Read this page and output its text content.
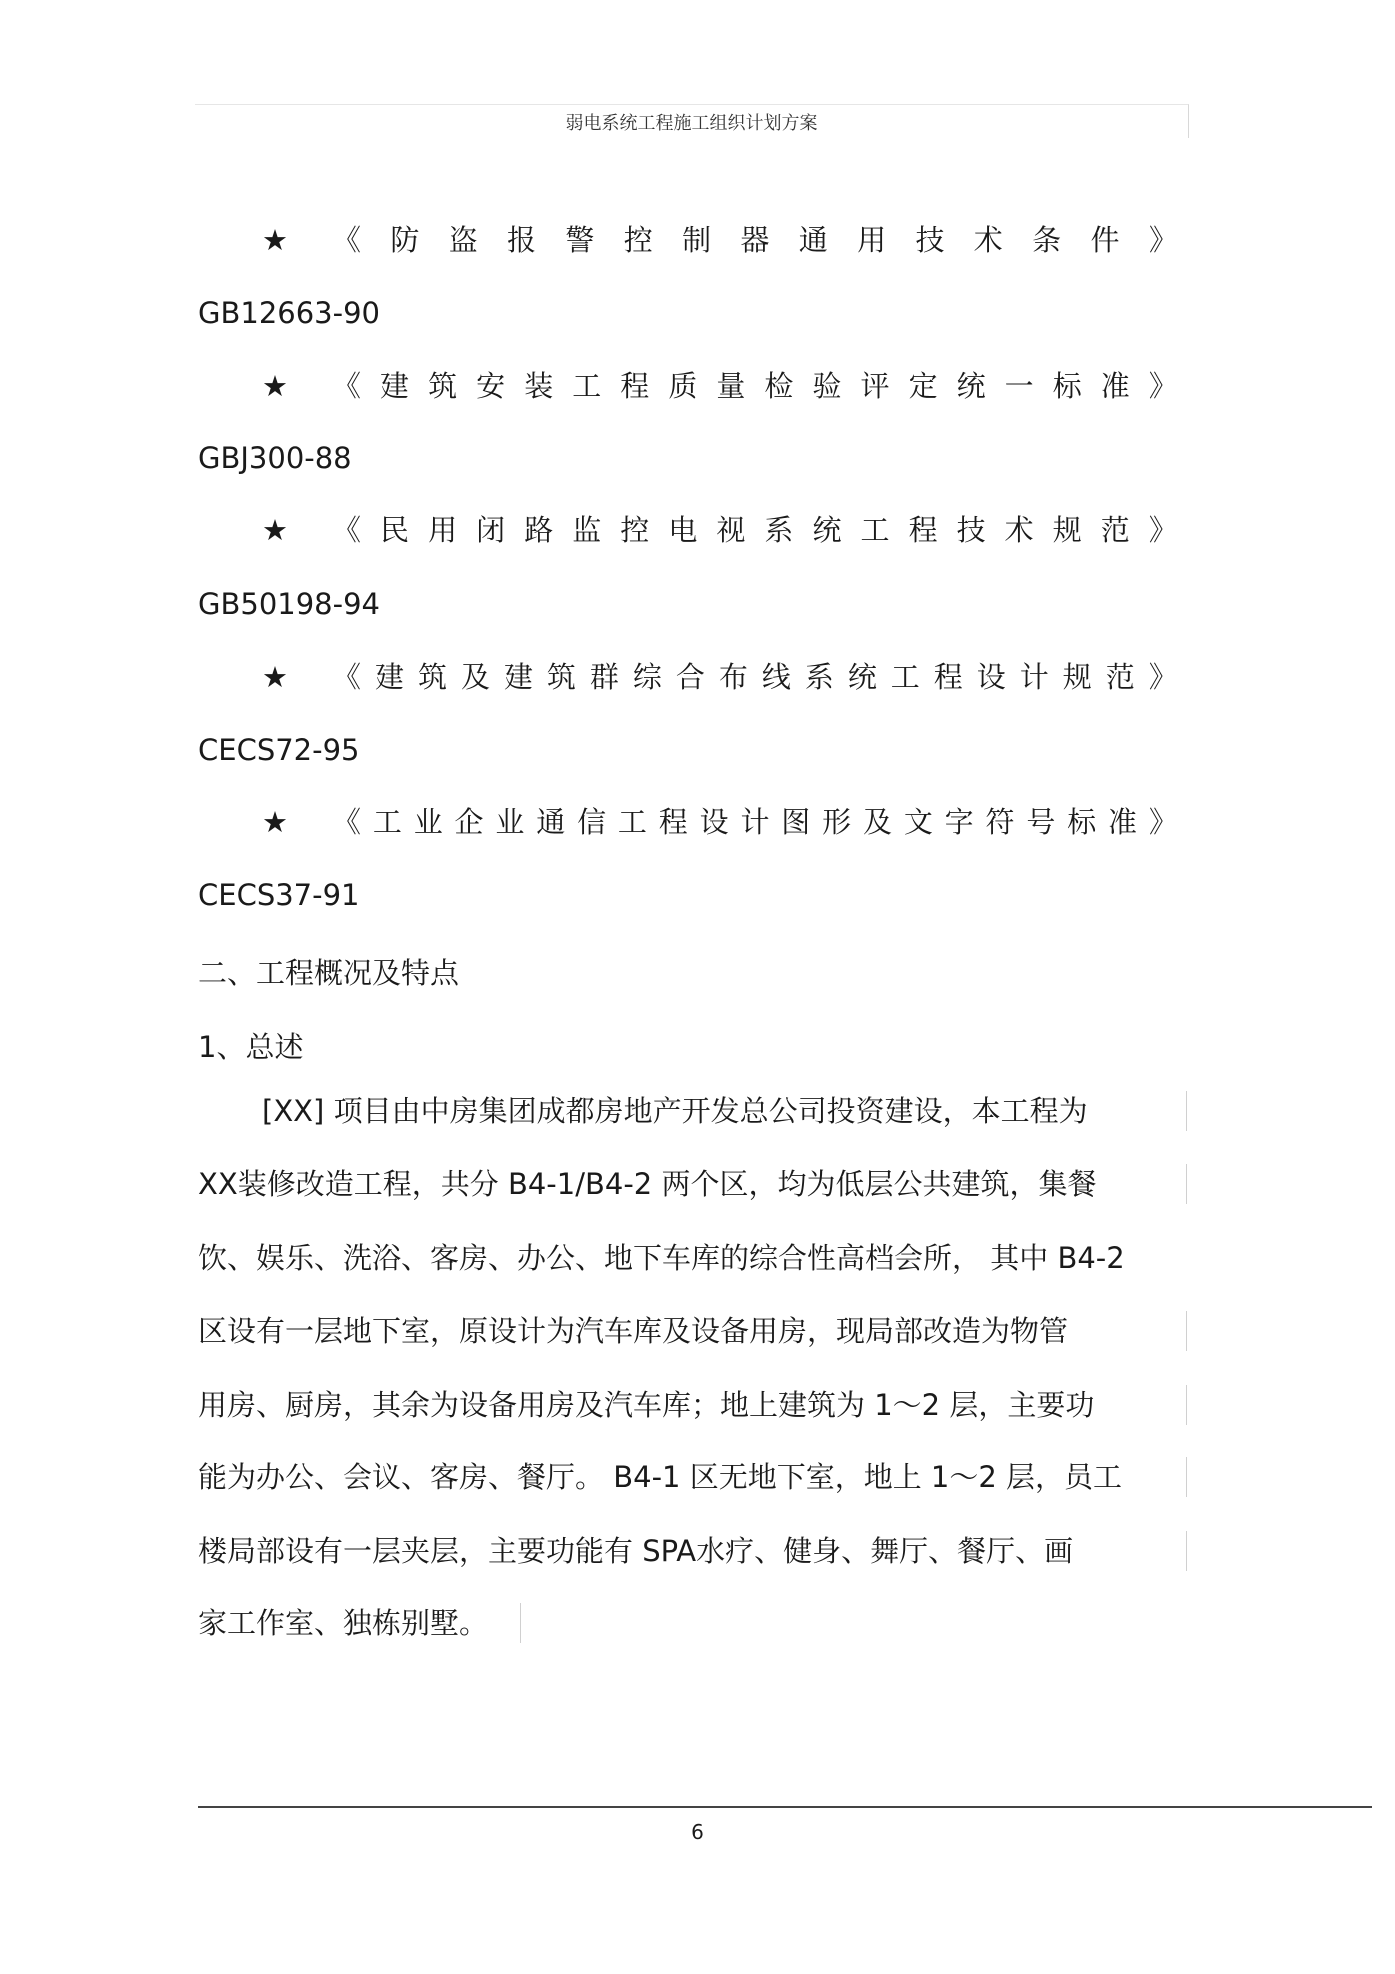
弱电系统工程施工组织计划方案
★	《 防 盗 报 警 控 制 器 通 用 技 术 条 件 》
GB12663-90
★	《 建 筑 安 装 工 程 质 量 检 验 评 定 统 一 标 准 》
GBJ300-88
★	《 民 用 闭 路 监 控 电 视 系 统 工 程 技 术 规 范 》
GB50198-94
★	《 建 筑 及 建 筑 群 综 合 布 线 系 统 工 程 设 计 规 范 》
CECS72-95
★	《 工 业 企 业 通 信 工 程 设 计 图 形 及 文 字 符 号 标 准 》
CECS37-91
二、工程概况及特点
1、总述
[XX] 项目由中房集团成都房地产开发总公司投资建设，本工程为
XX装修改造工程，共分 B4-1/B4-2 两个区，均为低层公共建筑，集餐
饮、娱乐、洗浴、客房、办公、地下车库的综合性高档会所， 其中 B4-2
区设有一层地下室，原设计为汽车库及设备用房，现局部改造为物管
用房、厨房，其余为设备用房及汽车库；地上建筑为 1～2 层，主要功
能为办公、会议、客房、餐厅。 B4-1 区无地下室，地上 1～2 层，员工
楼局部设有一层夹层，主要功能有 SPA水疗、健身、舞厅、餐厅、画
家工作室、独栋别墅。
6
